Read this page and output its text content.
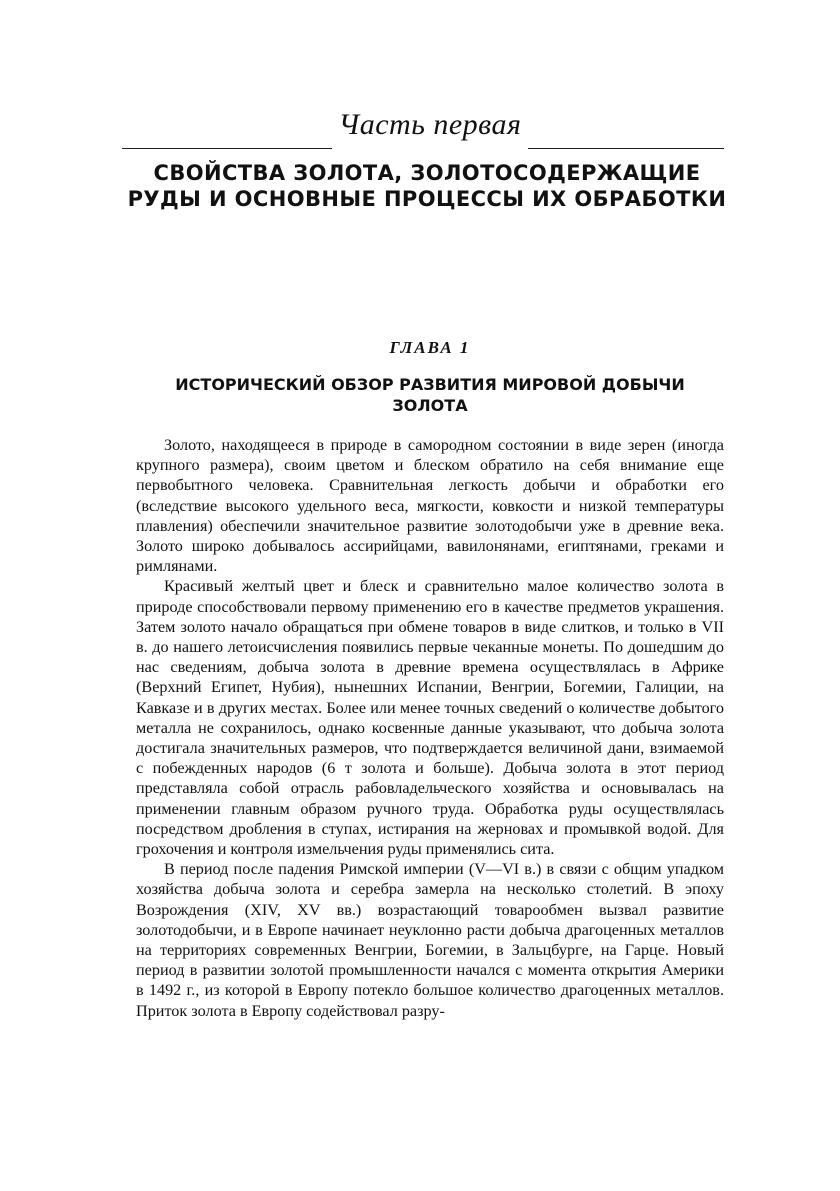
Часть первая
СВОЙСТВА ЗОЛОТА, ЗОЛОТОСОДЕРЖАЩИЕ РУДЫ И ОСНОВНЫЕ ПРОЦЕССЫ ИХ ОБРАБОТКИ
ГЛАВА 1
ИСТОРИЧЕСКИЙ ОБЗОР РАЗВИТИЯ МИРОВОЙ ДОБЫЧИ ЗОЛОТА

Золото, находящееся в природе в самородном состоянии в виде зерен (иногда крупного размера), своим цветом и блеском обратило на себя внимание еще первобытного человека. Сравнительная легкость добычи и обработки его (вследствие высокого удельного веса, мягкости, ковкости и низкой температуры плавления) обеспечили значительное развитие золотодобычи уже в древние века. Золото широко добывалось ассирийцами, вавилонянами, египтянами, греками и римлянами.

Красивый желтый цвет и блеск и сравнительно малое количество золота в природе способствовали первому применению его в качестве предметов украшения. Затем золото начало обращаться при обмене товаров в виде слитков, и только в VII в. до нашего летоисчисления появились первые чеканные монеты. По дошедшим до нас сведениям, добыча золота в древние времена осуществлялась в Африке (Верхний Египет, Нубия), нынешних Испании, Венгрии, Богемии, Галиции, на Кавказе и в других местах. Более или менее точных сведений о количестве добытого металла не сохранилось, однако косвенные данные указывают, что добыча золота достигала значительных размеров, что подтверждается величиной дани, взимаемой с побежденных народов (6 т золота и больше). Добыча золота в этот период представляла собой отрасль рабовладельческого хозяйства и основывалась на применении главным образом ручного труда. Обработка руды осуществлялась посредством дробления в ступах, истирания на жерновах и промывкой водой. Для грохочения и контроля измельчения руды применялись сита.

В период после падения Римской империи (V—VI в.) в связи с общим упадком хозяйства добыча золота и серебра замерла на несколько столетий. В эпоху Возрождения (XIV, XV вв.) возрастающий товарообмен вызвал развитие золотодобычи, и в Европе начинает неуклонно расти добыча драгоценных металлов на территориях современных Венгрии, Богемии, в Зальцбурге, на Гарце. Новый период в развитии золотой промышленности начался с момента открытия Америки в 1492 г., из которой в Европу потекло большое количество драгоценных металлов. Приток золота в Европу содействовал разру-
